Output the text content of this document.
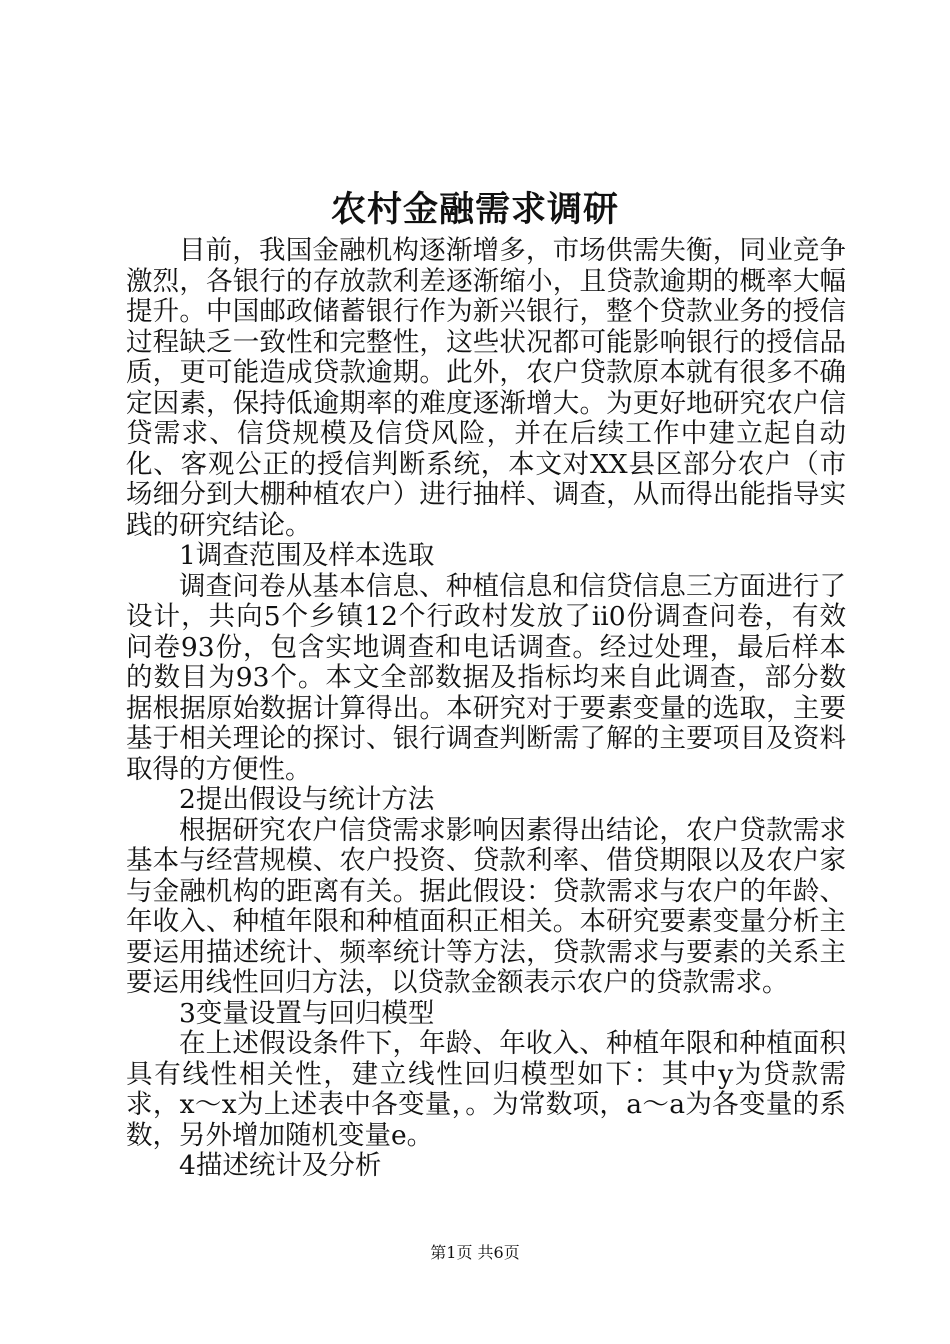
农村金融需求调研

目前，我国金融机构逐渐增多，市场供需失衡，同业竞争激烈，各银行的存放款利差逐渐缩小，且贷款逾期的概率大幅提升。中国邮政储蓄银行作为新兴银行，整个贷款业务的授信过程缺乏一致性和完整性，这些状况都可能影响银行的授信品质，更可能造成贷款逾期。此外，农户贷款原本就有很多不确定因素，保持低逾期率的难度逐渐增大。为更好地研究农户信贷需求、信贷规模及信贷风险，并在后续工作中建立起自动化、客观公正的授信判断系统，本文对XX县区部分农户（市场细分到大棚种植农户）进行抽样、调查，从而得出能指导实践的研究结论。

1调查范围及样本选取

调查问卷从基本信息、种植信息和信贷信息三方面进行了设计，共向5个乡镇12个行政村发放了ii0份调查问卷，有效问卷93份，包含实地调查和电话调查。经过处理，最后样本的数目为93个。本文全部数据及指标均来自此调查，部分数据根据原始数据计算得出。本研究对于要素变量的选取，主要基于相关理论的探讨、银行调查判断需了解的主要项目及资料取得的方便性。

2提出假设与统计方法

根据研究农户信贷需求影响因素得出结论，农户贷款需求基本与经营规模、农户投资、贷款利率、借贷期限以及农户家与金融机构的距离有关。据此假设：贷款需求与农户的年龄、年收入、种植年限和种植面积正相关。本研究要素变量分析主要运用描述统计、频率统计等方法，贷款需求与要素的关系主要运用线性回归方法，以贷款金额表示农户的贷款需求。

3变量设置与回归模型

在上述假设条件下，年龄、年收入、种植年限和种植面积具有线性相关性，建立线性回归模型如下：其中y为贷款需求，x～x为上述表中各变量，。为常数项，a～a为各变量的系数，另外增加随机变量e。

4描述统计及分析

第1页 共6页
